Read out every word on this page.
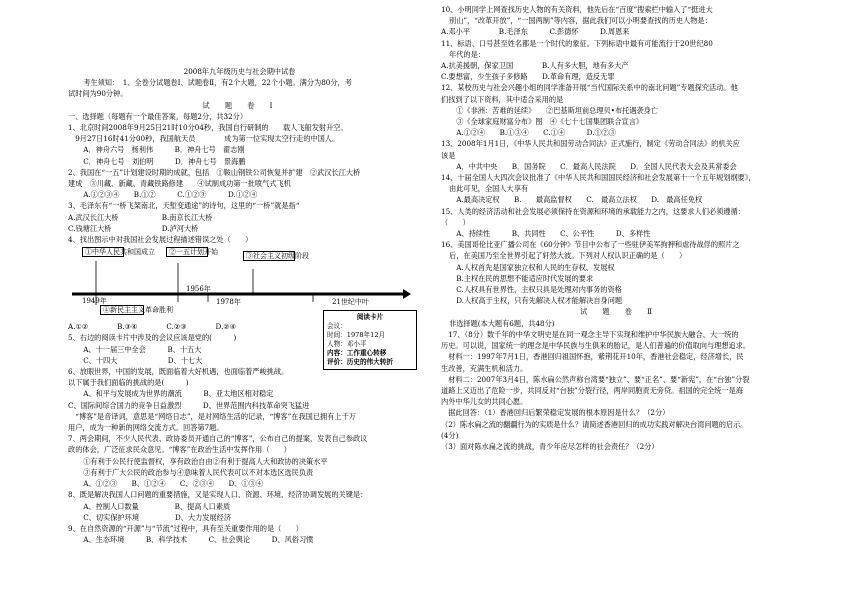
2008年九年级历史与社会期中试卷
　考生须知：　1、全卷分试题卷Ⅰ、试题卷Ⅱ，有2个大题，22个小题。满分为80分，考
试时间为90分钟。
试　题　卷　Ⅰ
一、选择题（每题有一个最佳答案，每题2分，共32分）
1、北京时间2008年9月25日21时10分04秒，我国自行研制的　　载人飞船发射升空。
　9月27日16时41分00秒，我国航天员　　　　成为第一位实现太空行走的中国人。
　A．神舟六号　杨利伟　　　B．神舟七号　翟志刚
　C．神舟七号　刘伯明　　　D．神舟七号　景海鹏
2、我国在“一五”计划建设时期的成就，包括　①鞍山钢铁公司恢复并扩建　②武汉长江大桥
建成　③川藏、新藏、青藏铁路修建　　④试制成功第一批喷气式飞机
　A.①②③④　　B.①②　　　C.①②③　　　D.①②④
3、毛泽东有“一桥飞架南北，天堑变通途”的诗句，这里的“一桥”就是指“
A.武汉长江大桥　　　　　　B.南京长江大桥
C.钱塘江大桥　　　　　　　D.泸河大桥
4、找出图示中对我国社会发展过程描述错误之处（　　）
①中华人民共和国成立	②一五计划开始	③社会主义初级阶段
④新民主主义革命胜利
1949年
1956年
1978年	21世纪中叶
A.①②　　　　B.③④　　　　C.②③　　　　D.②④
5、右边的阅读卡片中涉及的会议应该是党的(　　　)
　A、十一届三中全会　　　B、十五大
　C、十四大　　　　　　　D、十七大
6、放眼世界，中国的发展，既面临着大好机遇，也面临着严峻挑战。
以下属于我们面临的挑战的是(　　　)
　A、和平与发展成为世界的潮流　　　B、亚太地区相对稳定
C、国际间综合国力的竞争日益激烈　　　D、世界范围内科技革命突飞猛进
　“博客”是音译词，意思是“网络日志”，是对网络生活的记录，“博客”在我国已拥有上千万
用户，成为一种新的网络交流方式。回答第7题。
7、两会期间，不少人民代表、政协委员开通自己的“博客”，公布自己的提案，发表自己参政议
政的体会，广泛征求民众意见。“博客”在政治生活中发挥作用（　　）
　①有利于公民行使监督权，享有政治自由②有利于提高人大和政协的决策水平
　③有利于广大公民的政治参与④意味着人民代表可以不对本选区选民负责
　A、①②③　　B、①②④　　C、②③④　　D、①③④
8、既是解决我国人口问题的重要措施，又是实现人口、资源、环境、经济协调发展的关键是：
　A、控制人口数量　　　　　B、提高人口素质
　C、切实保护环境　　　　　D、大力发展经济
9、在自然资源的“开源”与“节流”过程中，具有至关重要作用的是（　　）
　A、生态环境　　　B、科学技术　　　C、社会舆论　　　D、风俗习惯
阅读卡片
会议：
时间：1978年12月
人物：邓小平
内容：工作重心转移
评价：历史的伟大转折
10、小明同学上网查找历史人物的有关资料，他先后在“百度”搜索栏中输入了“挺进大
别山”，“改革开放”，“一国两制”等内容，据此我们可以小明要查找的历史人物是：
A.邓小平　　　　B.毛泽东　　　C.彭德怀　　　D.周恩来
11、标语、口号甚至姓名都是一个时代的象征。下列标语中最有可能流行于20世纪80
年代的是：
A.抗美援朝，保家卫国　　　　B.人有多大胆，地有多大产
C.要想富，少生孩子多修路　　D.革命有理，造反无罪
12、某校历史与社会兴趣小组的同学准备开展“当代国际关系中的南北问题”专题探究活动。他
们找到了以下资料，其中适合采用的是
　①《非洲：苦难的延续》　　②巴基斯坦前总理贝•布托遇袭身亡
　③《全球家庭财富分布》图　④《七十七国集团联合宣言》
　A.①②④　　B.①③④　　C.①④　　　D.①②③
13、2008年1月1日，《中华人民共和国劳动合同法》正式施行，制定《劳动合同法》的机关应
该是
　A．中共中央　　B．国务院　　C．最高人民法院　　D．全国人民代表大会及其常委会
14、十届全国人大四次会议批准了《中华人民共和国国民经济和社会发展第十一个五年规划纲要》，
由此可见，全国人大享有
　A.最高决定权　　B.　　最高监督权　　C.　最高立法权　　D.　最高任免权
15、人类的经济活动和社会发展必须保持在资源和环境的承载能力之内，这要求人们必须遵循：
（　　）
　A、持续性　　　B、共同性　　C、公平性　　　D、多样性
16、美国哥伦比亚广播公司在《60分钟》节目中公布了一些驻伊美军拘押和虐待战俘的照片之
后，在美国乃至全世界引起了轩然大波。下列对人权认识正确的是（　　）
　A.人权首先是国家独立权和人民的生存权、发展权
　B.主权在民的思想不能适应时代发展的要求
　C.人权具有世界性，主权只具是处理对内事务的资格
　D.人权高于主权，只有先解决人权才能解决自身问题
试　题　卷　Ⅱ
非选择题(本大题有6题，共48分)
　17、（8分）数千年的中华文明史是在同一观念主导下实现和维护中华民族大融合、大一统的
历史。可以说，国家统一的理念是中华民族与生俱来的胎记，是人们普遍的价值取向与理想追求。
　材料一：1997年7月1日，香港回归祖国怀抱，紫荆花开10年，香港社会稳定，经济增长，民
生改善，充满生机和活力。
　材料二：2007年3月4日，陈水扁公然声称台湾要“独立”、要“正名”、要“新宪”，在“台独”分裂
道路上又迈出了危险一步，共同反对“台独”分裂行径，两岸同胞责无旁贷。祖国的完全统一是海
内外中华儿女的共同心愿。
　据此回答：（1）香港回归后繁荣稳定发展的根本原因是什么？（2分）
（2）陈水扁之流的翻疆行为的实质是什么？请简述香港回归的成功实践对解决台湾问题的启示。
(4分)
（3）面对陈水扁之流的挑战，青少年应尽怎样的社会责任？（2分）
